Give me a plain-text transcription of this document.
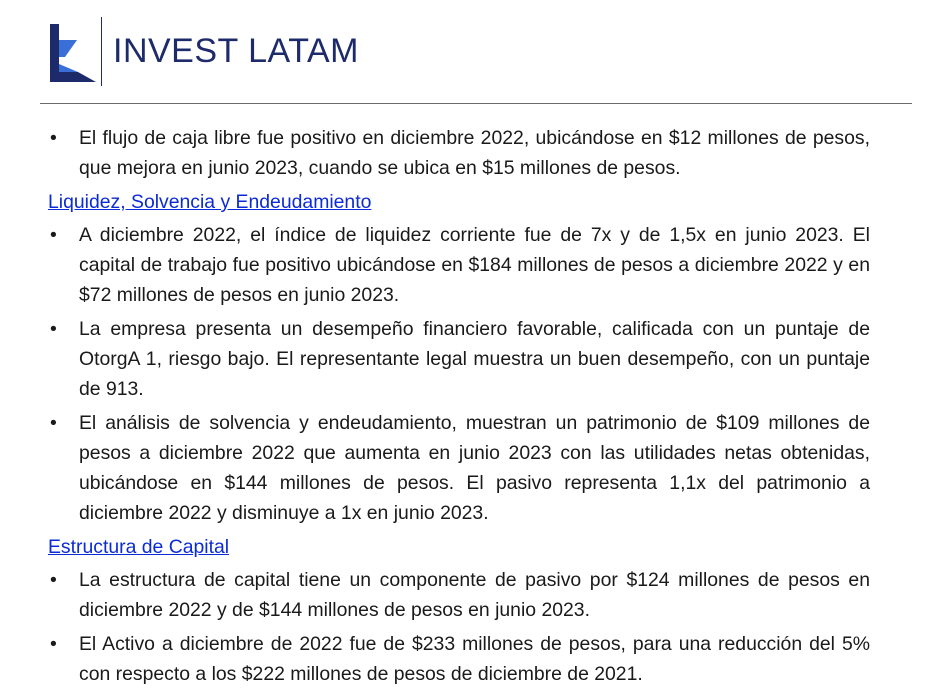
INVEST LATAM
•	El flujo de caja libre fue positivo en diciembre 2022, ubicándose en $12 millones de pesos, que mejora en junio 2023, cuando se ubica en $15 millones de pesos.
Liquidez, Solvencia y Endeudamiento
•	A diciembre 2022, el índice de liquidez corriente fue de 7x y de 1,5x en junio 2023. El capital de trabajo fue positivo ubicándose en $184 millones de pesos a diciembre 2022 y en $72 millones de pesos en junio 2023.
•	La empresa presenta un desempeño financiero favorable, calificada con un puntaje de OtorgA 1, riesgo bajo. El representante legal muestra un buen desempeño, con un puntaje de 913.
•	El análisis de solvencia y endeudamiento, muestran un patrimonio de $109 millones de pesos a diciembre 2022 que aumenta en junio 2023 con las utilidades netas obtenidas, ubicándose en $144 millones de pesos. El pasivo representa 1,1x del patrimonio a diciembre 2022 y disminuye a 1x en junio 2023.
Estructura de Capital
•	La estructura de capital tiene un componente de pasivo por $124 millones de pesos en diciembre 2022 y de $144 millones de pesos en junio 2023.
•	El Activo a diciembre de 2022 fue de $233 millones de pesos, para una reducción del 5% con respecto a los $222 millones de pesos de diciembre de 2021.
